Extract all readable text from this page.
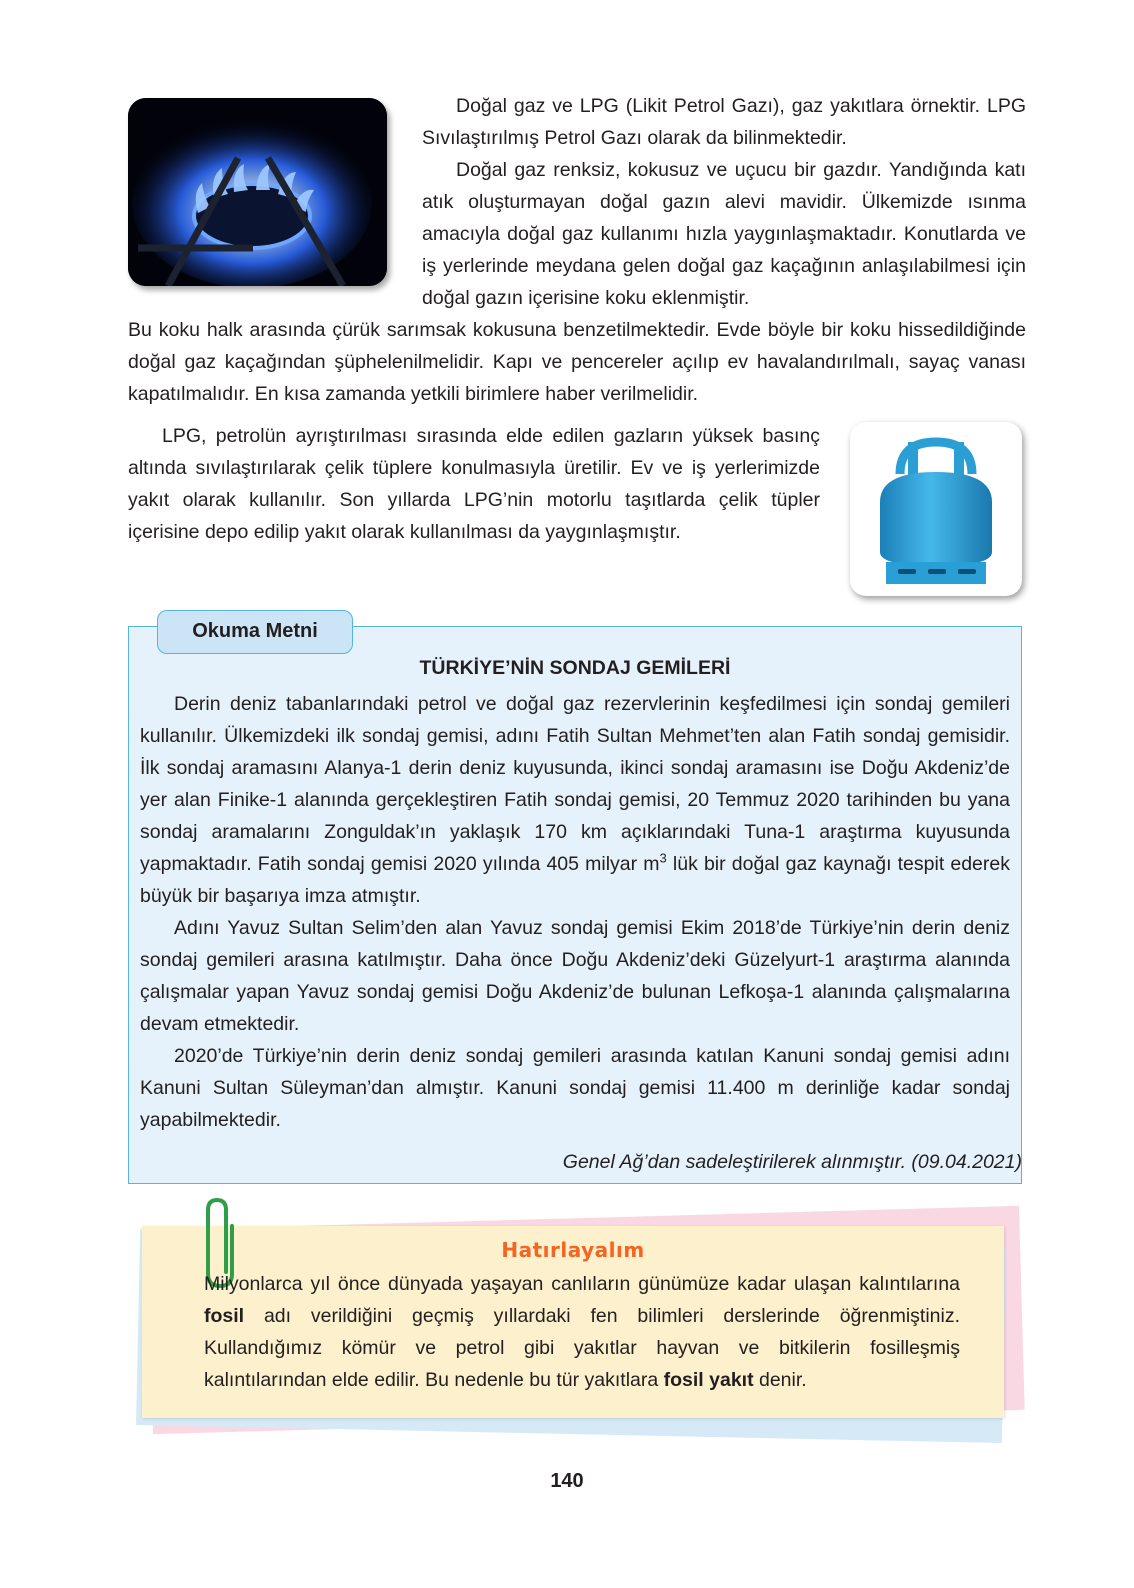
Doğal gaz ve LPG (Likit Petrol Gazı), gaz yakıtlara örnektir. LPG Sıvılaştırılmış Petrol Gazı olarak da bilinmektedir.

Doğal gaz renksiz, kokusuz ve uçucu bir gazdır. Yandığında katı atık oluşturmayan doğal gazın alevi mavidir. Ülkemizde ısınma amacıyla doğal gaz kullanımı hızla yaygınlaşmaktadır. Konutlarda ve iş yerlerinde meydana gelen doğal gaz kaçağının anlaşılabilmesi için doğal gazın içerisine koku eklenmiştir.

Bu koku halk arasında çürük sarımsak kokusuna benzetilmektedir. Evde böyle bir koku hissedildiğinde doğal gaz kaçağından şüphelenilmelidir. Kapı ve pencereler açılıp ev havalandırılmalı, sayaç vanası kapatılmalıdır. En kısa zamanda yetkili birimlere haber verilmelidir.

LPG, petrolün ayrıştırılması sırasında elde edilen gazların yüksek basınç altında sıvılaştırılarak çelik tüplere konulmasıyla üretilir. Ev ve iş yerlerimizde yakıt olarak kullanılır. Son yıllarda LPG’nin motorlu taşıtlarda çelik tüpler içerisine depo edilip yakıt olarak kullanılması da yaygınlaşmıştır.

Okuma Metni
TÜRKİYE’NİN SONDAJ GEMİLERİ

Derin deniz tabanlarındaki petrol ve doğal gaz rezervlerinin keşfedilmesi için sondaj gemileri kullanılır. Ülkemizdeki ilk sondaj gemisi, adını Fatih Sultan Mehmet’ten alan Fatih sondaj gemisidir. İlk sondaj aramasını Alanya-1 derin deniz kuyusunda, ikinci sondaj aramasını ise Doğu Akdeniz’de yer alan Finike-1 alanında gerçekleştiren Fatih sondaj gemisi, 20 Temmuz 2020 tarihinden bu yana sondaj aramalarını Zonguldak’ın yaklaşık 170 km açıklarındaki Tuna-1 araştırma kuyusunda yapmaktadır. Fatih sondaj gemisi 2020 yılında 405 milyar $m^3$ lük bir doğal gaz kaynağı tespit ederek büyük bir başarıya imza atmıştır.

Adını Yavuz Sultan Selim’den alan Yavuz sondaj gemisi Ekim 2018’de Türkiye’nin derin deniz sondaj gemileri arasına katılmıştır. Daha önce Doğu Akdeniz’deki Güzelyurt-1 araştırma alanında çalışmalar yapan Yavuz sondaj gemisi Doğu Akdeniz’de bulunan Lefkoşa-1 alanında çalışmalarına devam etmektedir.

2020’de Türkiye’nin derin deniz sondaj gemileri arasında katılan Kanuni sondaj gemisi adını Kanuni Sultan Süleyman’dan almıştır. Kanuni sondaj gemisi 11.400 m derinliğe kadar sondaj yapabilmektedir.

Genel Ağ’dan sadeleştirilerek alınmıştır. (09.04.2021)
Hatırlayalım

Milyonlarca yıl önce dünyada yaşayan canlıların günümüze kadar ulaşan kalıntılarına fosil adı verildiğini geçmiş yıllardaki fen bilimleri derslerinde öğrenmiştiniz. Kullandığımız kömür ve petrol gibi yakıtlar hayvan ve bitkilerin fosilleşmiş kalıntılarından elde edilir. Bu nedenle bu tür yakıtlara fosil yakıt denir.

140
